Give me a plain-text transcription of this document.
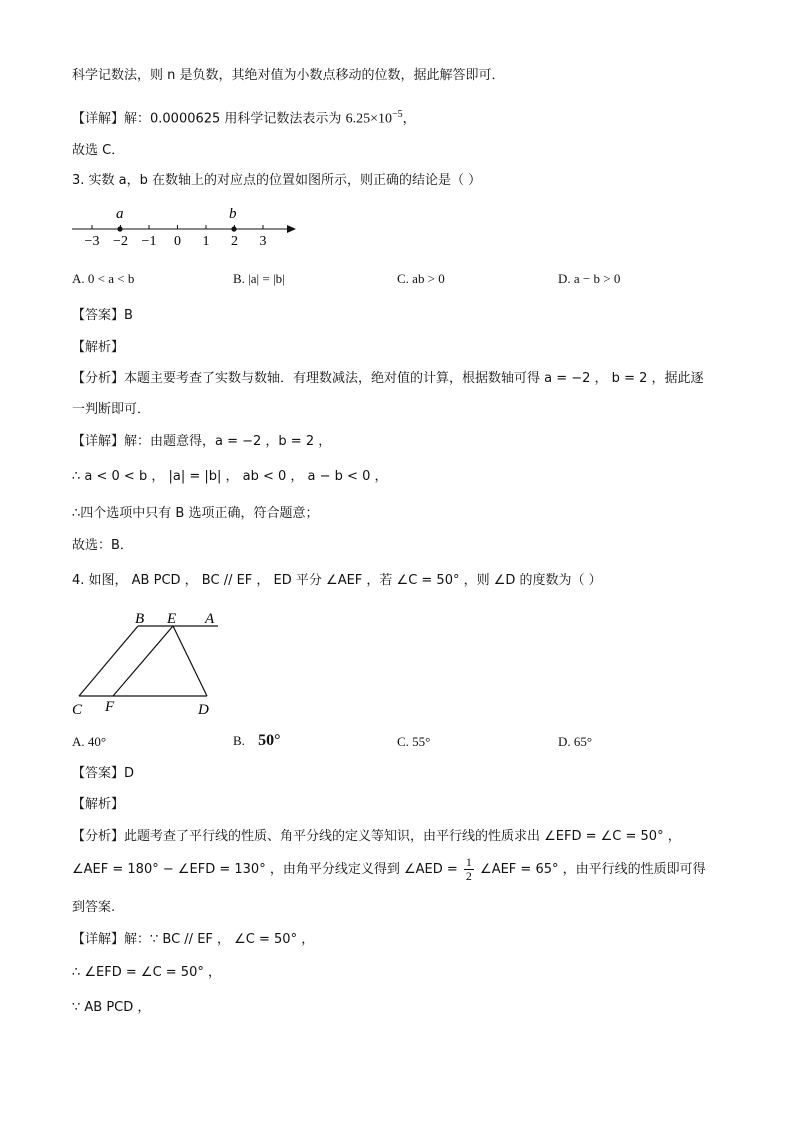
科学记数法，则 n 是负数，其绝对值为小数点移动的位数，据此解答即可．
【详解】解：0.0000625 用科学记数法表示为 $6.25\times 10^{-5}$，
故选 C．
3. 实数 a，b 在数轴上的对应点的位置如图所示，则正确的结论是（ ）
−3 −2 −1 0 1 2 3
a	b
A. 0 < a < b	B. |a| = |b|	C. ab > 0	D. a − b > 0
【答案】B
【解析】
【分析】本题主要考查了实数与数轴．有理数减法，绝对值的计算，根据数轴可得 a = −2 ， b = 2 ，据此逐
一判断即可．
【详解】解：由题意得，a = −2 ，b = 2 ，
∴ a < 0 < b ， |a| = |b| ， ab < 0 ， a − b < 0 ，
∴四个选项中只有 B 选项正确，符合题意；
故选：B．
4. 如图， AB PCD ， BC // EF ， ED 平分 ∠AEF ，若 ∠C = 50° ，则 ∠D 的度数为（ ）
B E A
C F	D
A. 40°	B. 50°	C. 55°	D. 65°
【答案】D
【解析】
【分析】此题考查了平行线的性质、角平分线的定义等知识，由平行线的性质求出 ∠EFD = ∠C = 50° ，
∠AEF = 180° − ∠EFD = 130° ，由角平分线定义得到 ∠AED = $\frac{1}{2}$ ∠AEF = 65° ，由平行线的性质即可得
到答案.
【详解】解：∵ BC // EF ， ∠C = 50° ，
∴ ∠EFD = ∠C = 50° ，
∵ AB PCD ，
